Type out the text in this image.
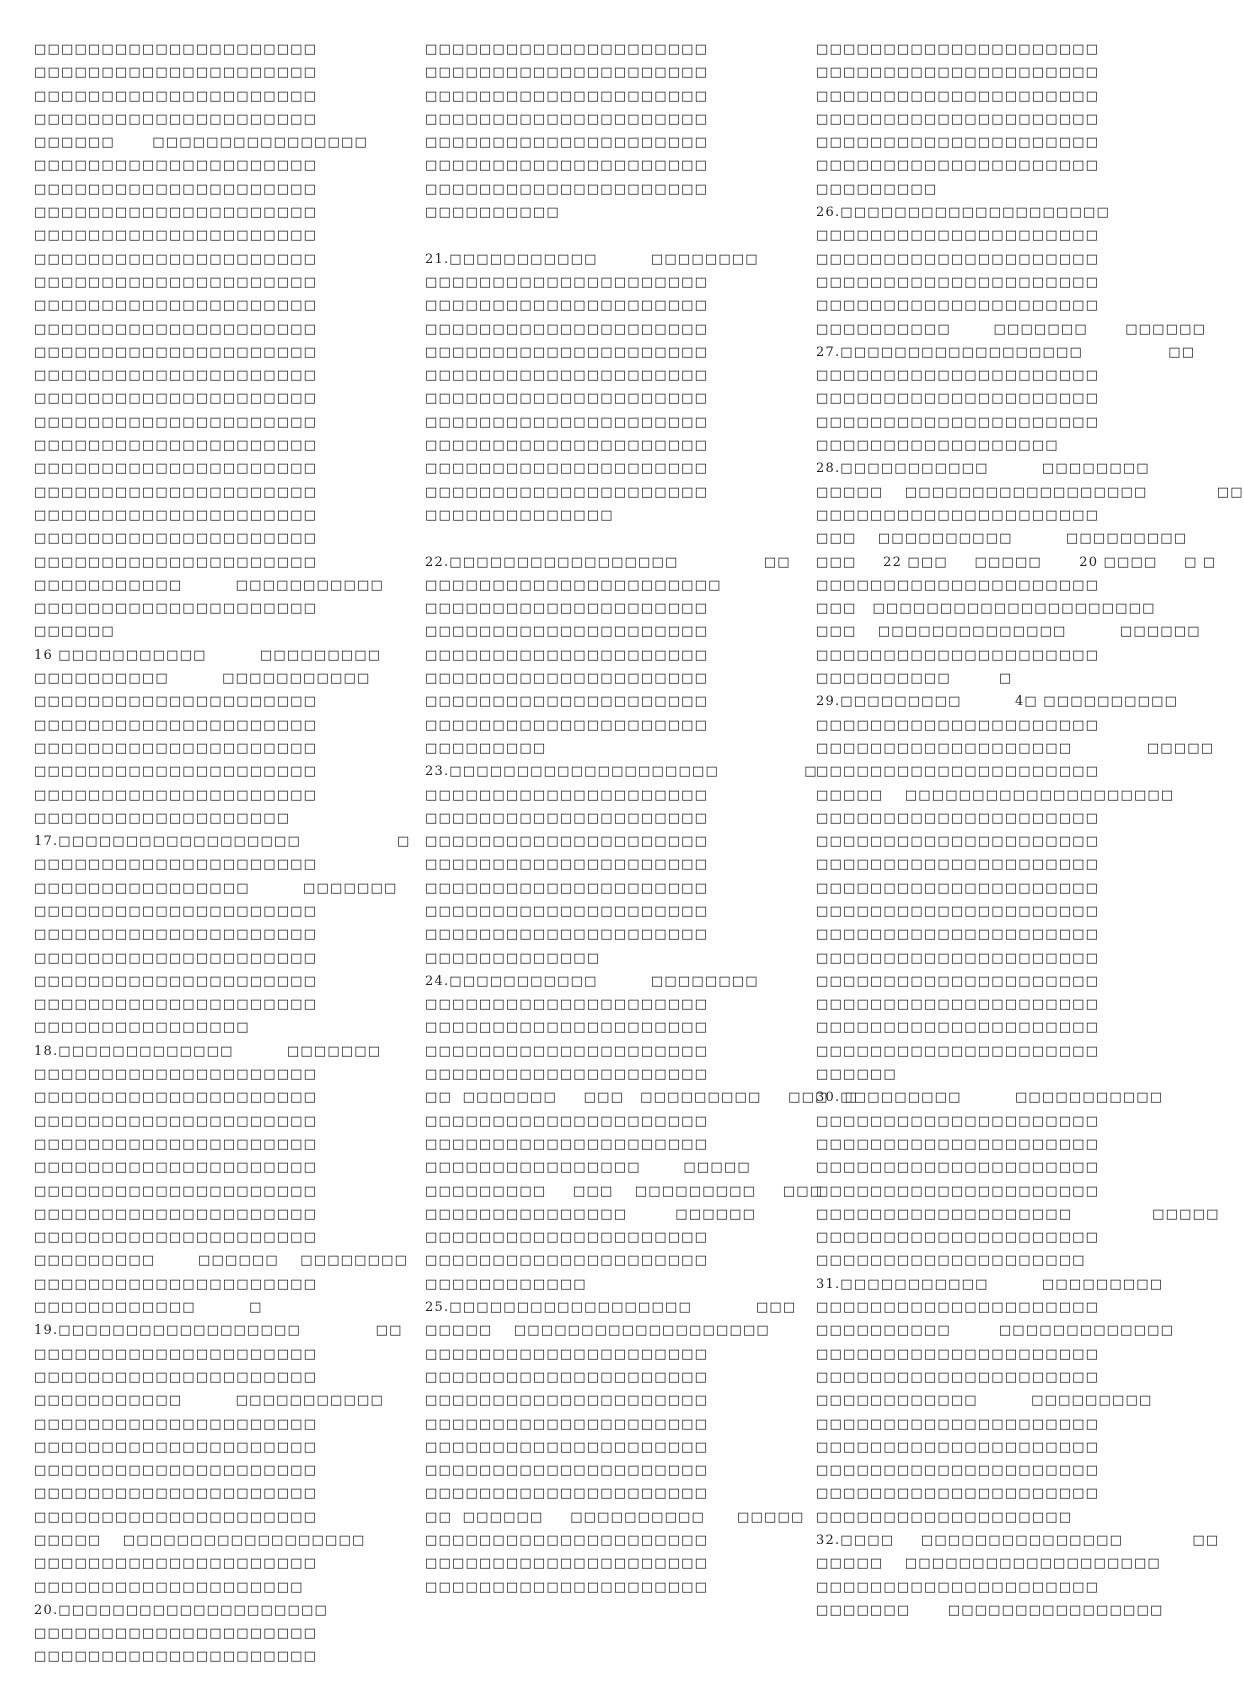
□□□□□□□□□□□□□□□□□□□□□
□□□□□□□□□□□□□□□□□□□□□
□□□□□□□□□□□□□□□□□□□□□
□□□□□□□□□□□□□□□□□□□□□
□□□□□□       □□□□□□□□□□□□□□□□
□□□□□□□□□□□□□□□□□□□□□
□□□□□□□□□□□□□□□□□□□□□
□□□□□□□□□□□□□□□□□□□□□
□□□□□□□□□□□□□□□□□□□□□
□□□□□□□□□□□□□□□□□□□□□
□□□□□□□□□□□□□□□□□□□□□
□□□□□□□□□□□□□□□□□□□□□
□□□□□□□□□□□□□□□□□□□□□
□□□□□□□□□□□□□□□□□□□□□
□□□□□□□□□□□□□□□□□□□□□
□□□□□□□□□□□□□□□□□□□□□
□□□□□□□□□□□□□□□□□□□□□
□□□□□□□□□□□□□□□□□□□□□
□□□□□□□□□□□□□□□□□□□□□
□□□□□□□□□□□□□□□□□□□□□
□□□□□□□□□□□□□□□□□□□□□
□□□□□□□□□□□□□□□□□□□□□
□□□□□□□□□□□□□□□□□□□□□
□□□□□□□□□□□          □□□□□□□□□□□
□□□□□□□□□□□□□□□□□□□□□
□□□□□□
16 □□□□□□□□□□□          □□□□□□□□□
□□□□□□□□□□          □□□□□□□□□□□
□□□□□□□□□□□□□□□□□□□□□
□□□□□□□□□□□□□□□□□□□□□
□□□□□□□□□□□□□□□□□□□□□
□□□□□□□□□□□□□□□□□□□□□
□□□□□□□□□□□□□□□□□□□□□
□□□□□□□□□□□□□□□□□□□
17.□□□□□□□□□□□□□□□□□□                  □
□□□□□□□□□□□□□□□□□□□□□
□□□□□□□□□□□□□□□□          □□□□□□□
□□□□□□□□□□□□□□□□□□□□□
□□□□□□□□□□□□□□□□□□□□□
□□□□□□□□□□□□□□□□□□□□□
□□□□□□□□□□□□□□□□□□□□□
□□□□□□□□□□□□□□□□□□□□□
□□□□□□□□□□□□□□□□
18.□□□□□□□□□□□□□          □□□□□□□
□□□□□□□□□□□□□□□□□□□□□
□□□□□□□□□□□□□□□□□□□□□
□□□□□□□□□□□□□□□□□□□□□
□□□□□□□□□□□□□□□□□□□□□
□□□□□□□□□□□□□□□□□□□□□
□□□□□□□□□□□□□□□□□□□□□
□□□□□□□□□□□□□□□□□□□□□
□□□□□□□□□□□□□□□□□□□□□
□□□□□□□□□        □□□□□□    □□□□□□□□
□□□□□□□□□□□□□□□□□□□□□
□□□□□□□□□□□□          □
19.□□□□□□□□□□□□□□□□□□              □□
□□□□□□□□□□□□□□□□□□□□□
□□□□□□□□□□□□□□□□□□□□□
□□□□□□□□□□□          □□□□□□□□□□□
□□□□□□□□□□□□□□□□□□□□□
□□□□□□□□□□□□□□□□□□□□□
□□□□□□□□□□□□□□□□□□□□□
□□□□□□□□□□□□□□□□□□□□□
□□□□□□□□□□□□□□□□□□□□□
□□□□□    □□□□□□□□□□□□□□□□□□
□□□□□□□□□□□□□□□□□□□□□
□□□□□□□□□□□□□□□□□□□□
20.□□□□□□□□□□□□□□□□□□□□
□□□□□□□□□□□□□□□□□□□□□
□□□□□□□□□□□□□□□□□□□□□
□□□□□□□□□□□□□□□□□□□□□
□□□□□□□□□□□□□□□□□□□□□
□□□□□□□□□□□□□□□□□□□□□
□□□□□□□□□□□□□□□□□□□□□
□□□□□□□□□□□□□□□□□□□□□
□□□□□□□□□□□□□□□□□□□□□
□□□□□□□□□□□□□□□□□□□□□
□□□□□□□□□□
21.□□□□□□□□□□□          □□□□□□□□
□□□□□□□□□□□□□□□□□□□□□
□□□□□□□□□□□□□□□□□□□□□
□□□□□□□□□□□□□□□□□□□□□
□□□□□□□□□□□□□□□□□□□□□
□□□□□□□□□□□□□□□□□□□□□
□□□□□□□□□□□□□□□□□□□□□
□□□□□□□□□□□□□□□□□□□□□
□□□□□□□□□□□□□□□□□□□□□
□□□□□□□□□□□□□□□□□□□□□
□□□□□□□□□□□□□□□□□□□□□
□□□□□□□□□□□□□□
22.□□□□□□□□□□□□□□□□□                □□
□□□□□□□□□□□□□□□□□□□□□□
□□□□□□□□□□□□□□□□□□□□□
□□□□□□□□□□□□□□□□□□□□□
□□□□□□□□□□□□□□□□□□□□□
□□□□□□□□□□□□□□□□□□□□□
□□□□□□□□□□□□□□□□□□□□□
□□□□□□□□□□□□□□□□□□□□□
□□□□□□□□□
23.□□□□□□□□□□□□□□□□□□□□                □
□□□□□□□□□□□□□□□□□□□□□
□□□□□□□□□□□□□□□□□□□□□
□□□□□□□□□□□□□□□□□□□□□
□□□□□□□□□□□□□□□□□□□□□
□□□□□□□□□□□□□□□□□□□□□
□□□□□□□□□□□□□□□□□□□□□
□□□□□□□□□□□□□□□□□□□□□
□□□□□□□□□□□□□
24.□□□□□□□□□□□          □□□□□□□□
□□□□□□□□□□□□□□□□□□□□□
□□□□□□□□□□□□□□□□□□□□□
□□□□□□□□□□□□□□□□□□□□□
□□□□□□□□□□□□□□□□□□□□□
□□  □□□□□□□     □□□   □□□□□□□□□     □□□   □
□□□□□□□□□□□□□□□□□□□□□
□□□□□□□□□□□□□□□□□□□□□
□□□□□□□□□□□□□□□□        □□□□□
□□□□□□□□□     □□□    □□□□□□□□□     □□□
□□□□□□□□□□□□□□□         □□□□□□
□□□□□□□□□□□□□□□□□□□□□
□□□□□□□□□□□□□□□□□□□□□
□□□□□□□□□□□□
25.□□□□□□□□□□□□□□□□□□            □□□
□□□□□    □□□□□□□□□□□□□□□□□□□
□□□□□□□□□□□□□□□□□□□□□
□□□□□□□□□□□□□□□□□□□□□
□□□□□□□□□□□□□□□□□□□□□
□□□□□□□□□□□□□□□□□□□□□
□□□□□□□□□□□□□□□□□□□□□
□□□□□□□□□□□□□□□□□□□□□
□□□□□□□□□□□□□□□□□□□□□
□□  □□□□□□     □□□□□□□□□□      □□□□□
□□□□□□□□□□□□□□□□□□□□□
□□□□□□□□□□□□□□□□□□□□□
□□□□□□□□□□□□□□□□□□□□□
□□□□□□□□□□□□□□□□□□□□□
□□□□□□□□□□□□□□□□□□□□□
□□□□□□□□□□□□□□□□□□□□□
□□□□□□□□□□□□□□□□□□□□□
□□□□□□□□□□□□□□□□□□□□□
□□□□□□□□□□□□□□□□□□□□□
□□□□□□□□□
26.□□□□□□□□□□□□□□□□□□□□
□□□□□□□□□□□□□□□□□□□□□
□□□□□□□□□□□□□□□□□□□□□
□□□□□□□□□□□□□□□□□□□□□
□□□□□□□□□□□□□□□□□□□□□
□□□□□□□□□□        □□□□□□□       □□□□□□
27.□□□□□□□□□□□□□□□□□□                □□
□□□□□□□□□□□□□□□□□□□□□
□□□□□□□□□□□□□□□□□□□□□
□□□□□□□□□□□□□□□□□□□□□
□□□□□□□□□□□□□□□□□□
28.□□□□□□□□□□□          □□□□□□□□
□□□□□    □□□□□□□□□□□□□□□□□□             □□
□□□□□□□□□□□□□□□□□□□□□
□□□    □□□□□□□□□□          □□□□□□□□□
□□□     22 □□□     □□□□□       20 □□□□     □ □
□□□□□□□□□□□□□□□□□□□□□
□□□   □□□□□□□□□□□□□□□□□□□□□
□□□    □□□□□□□□□□□□□□          □□□□□□
□□□□□□□□□□□□□□□□□□□□□
□□□□□□□□□□         □
29.□□□□□□□□□          4□ □□□□□□□□□□
□□□□□□□□□□□□□□□□□□□□□
□□□□□□□□□□□□□□□□□□□              □□□□□
□□□□□□□□□□□□□□□□□□□□□
□□□□□    □□□□□□□□□□□□□□□□□□□□
□□□□□□□□□□□□□□□□□□□□□
□□□□□□□□□□□□□□□□□□□□□
□□□□□□□□□□□□□□□□□□□□□
□□□□□□□□□□□□□□□□□□□□□
□□□□□□□□□□□□□□□□□□□□□
□□□□□□□□□□□□□□□□□□□□□
□□□□□□□□□□□□□□□□□□□□□
□□□□□□□□□□□□□□□□□□□□□
□□□□□□□□□□□□□□□□□□□□□
□□□□□□□□□□□□□□□□□□□□□
□□□□□□□□□□□□□□□□□□□□□
□□□□□□
30.□□□□□□□□□          □□□□□□□□□□□
□□□□□□□□□□□□□□□□□□□□□
□□□□□□□□□□□□□□□□□□□□□
□□□□□□□□□□□□□□□□□□□□□
□□□□□□□□□□□□□□□□□□□□□
□□□□□□□□□□□□□□□□□□□               □□□□□
□□□□□□□□□□□□□□□□□□□□□
□□□□□□□□□□□□□□□□□□□□
31.□□□□□□□□□□□          □□□□□□□□□
□□□□□□□□□□□□□□□□□□□□□
□□□□□□□□□□         □□□□□□□□□□□□□
□□□□□□□□□□□□□□□□□□□□□
□□□□□□□□□□□□□□□□□□□□□
□□□□□□□□□□□□          □□□□□□□□□
□□□□□□□□□□□□□□□□□□□□□
□□□□□□□□□□□□□□□□□□□□□
□□□□□□□□□□□□□□□□□□□□□
□□□□□□□□□□□□□□□□□□□□□
□□□□□□□□□□□□□□□□□□□
32.□□□□     □□□□□□□□□□□□□□□             □□
□□□□□    □□□□□□□□□□□□□□□□□□□
□□□□□□□□□□□□□□□□□□□□□
□□□□□□□       □□□□□□□□□□□□□□□□
